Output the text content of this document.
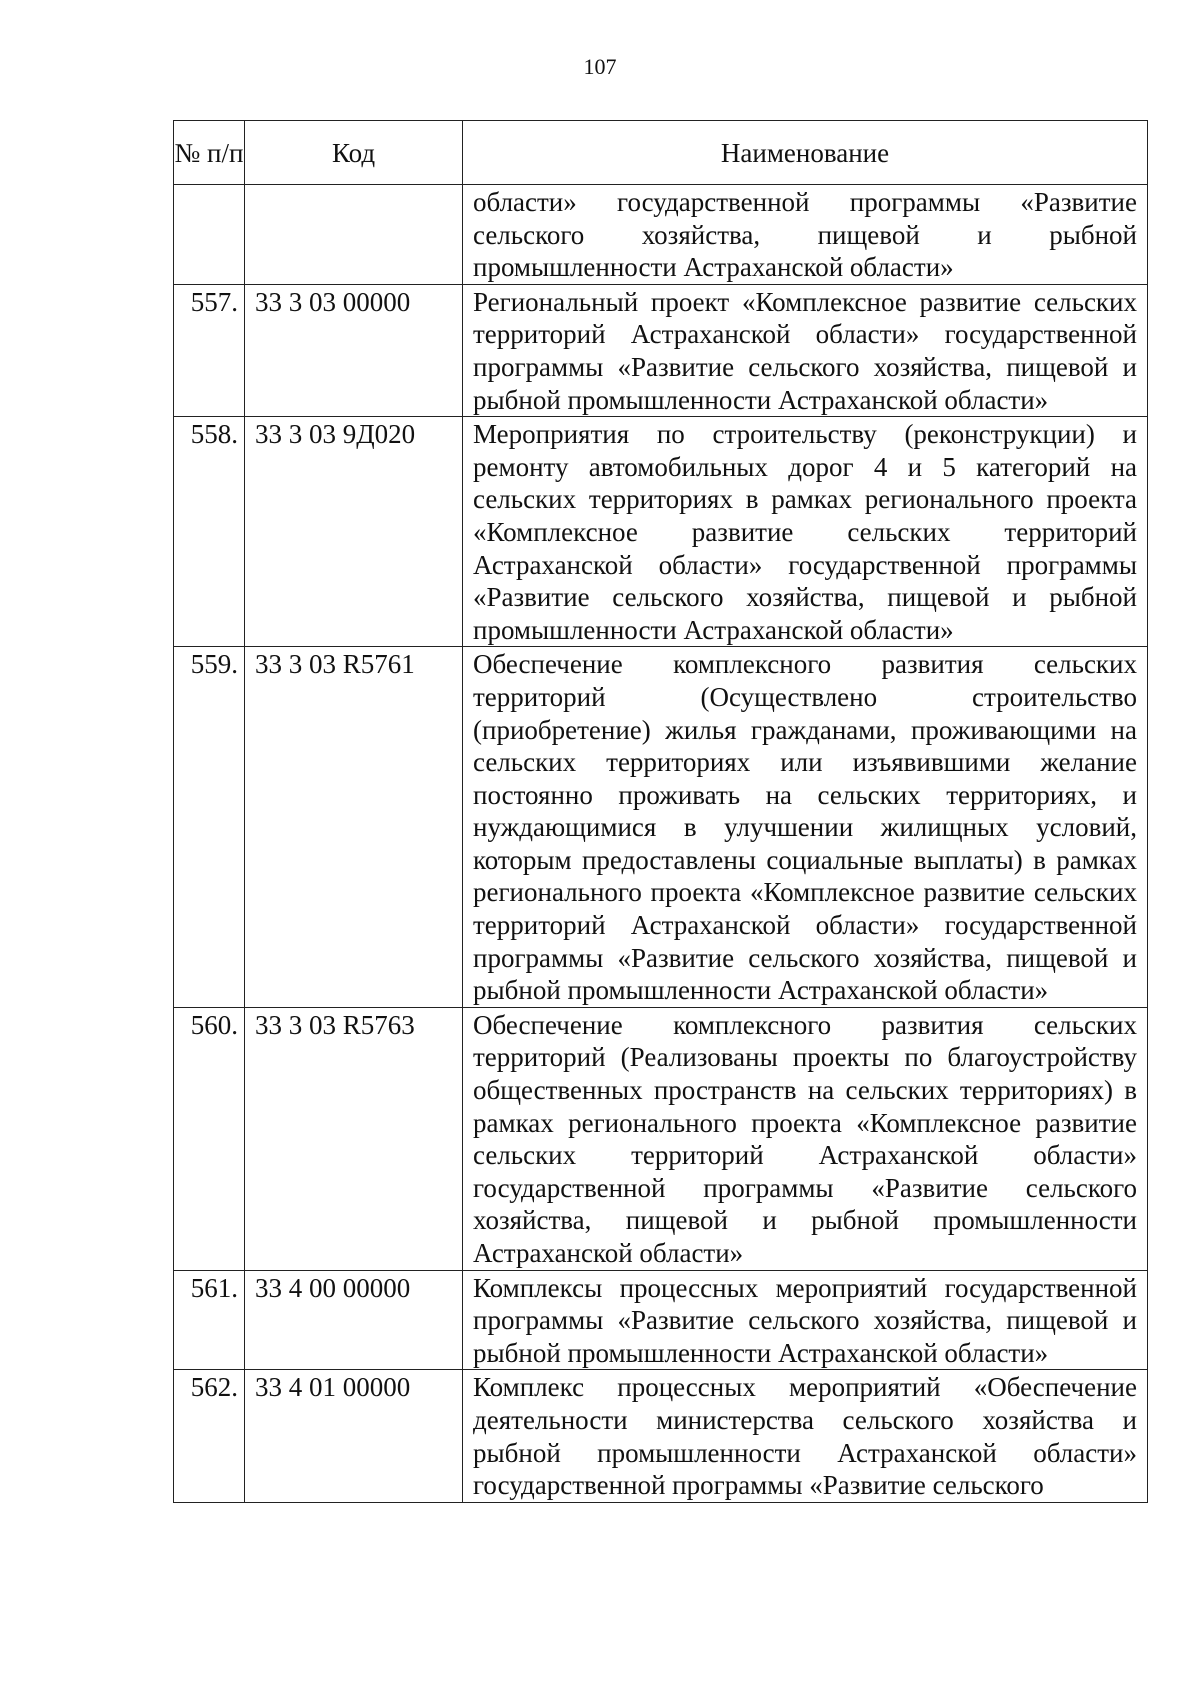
107
№ п/п	Код	Наименование
		области» государственной программы «Развитие сельского хозяйства, пищевой и рыбной промышленности Астраханской области»
557.	33 3 03 00000	Региональный проект «Комплексное развитие сельских территорий Астраханской области» государственной программы «Развитие сельского хозяйства, пищевой и рыбной промышленности Астраханской области»
558.	33 3 03 9Д020	Мероприятия по строительству (реконструкции) и ремонту автомобильных дорог 4 и 5 категорий на сельских территориях в рамках регионального проекта «Комплексное развитие сельских территорий Астраханской области» государственной программы «Развитие сельского хозяйства, пищевой и рыбной промышленности Астраханской области»
559.	33 3 03 R5761	Обеспечение комплексного развития сельских территорий (Осуществлено строительство (приобретение) жилья гражданами, проживающими на сельских территориях или изъявившими желание постоянно проживать на сельских территориях, и нуждающимися в улучшении жилищных условий, которым предоставлены социальные выплаты) в рамках регионального проекта «Комплексное развитие сельских территорий Астраханской области» государственной программы «Развитие сельского хозяйства, пищевой и рыбной промышленности Астраханской области»
560.	33 3 03 R5763	Обеспечение комплексного развития сельских территорий (Реализованы проекты по благоустройству общественных пространств на сельских территориях) в рамках регионального проекта «Комплексное развитие сельских территорий Астраханской области» государственной программы «Развитие сельского хозяйства, пищевой и рыбной промышленности Астраханской области»
561.	33 4 00 00000	Комплексы процессных мероприятий государственной программы «Развитие сельского хозяйства, пищевой и рыбной промышленности Астраханской области»
562.	33 4 01 00000	Комплекс процессных мероприятий «Обеспечение деятельности министерства сельского хозяйства и рыбной промышленности Астраханской области» государственной программы «Развитие сельского
